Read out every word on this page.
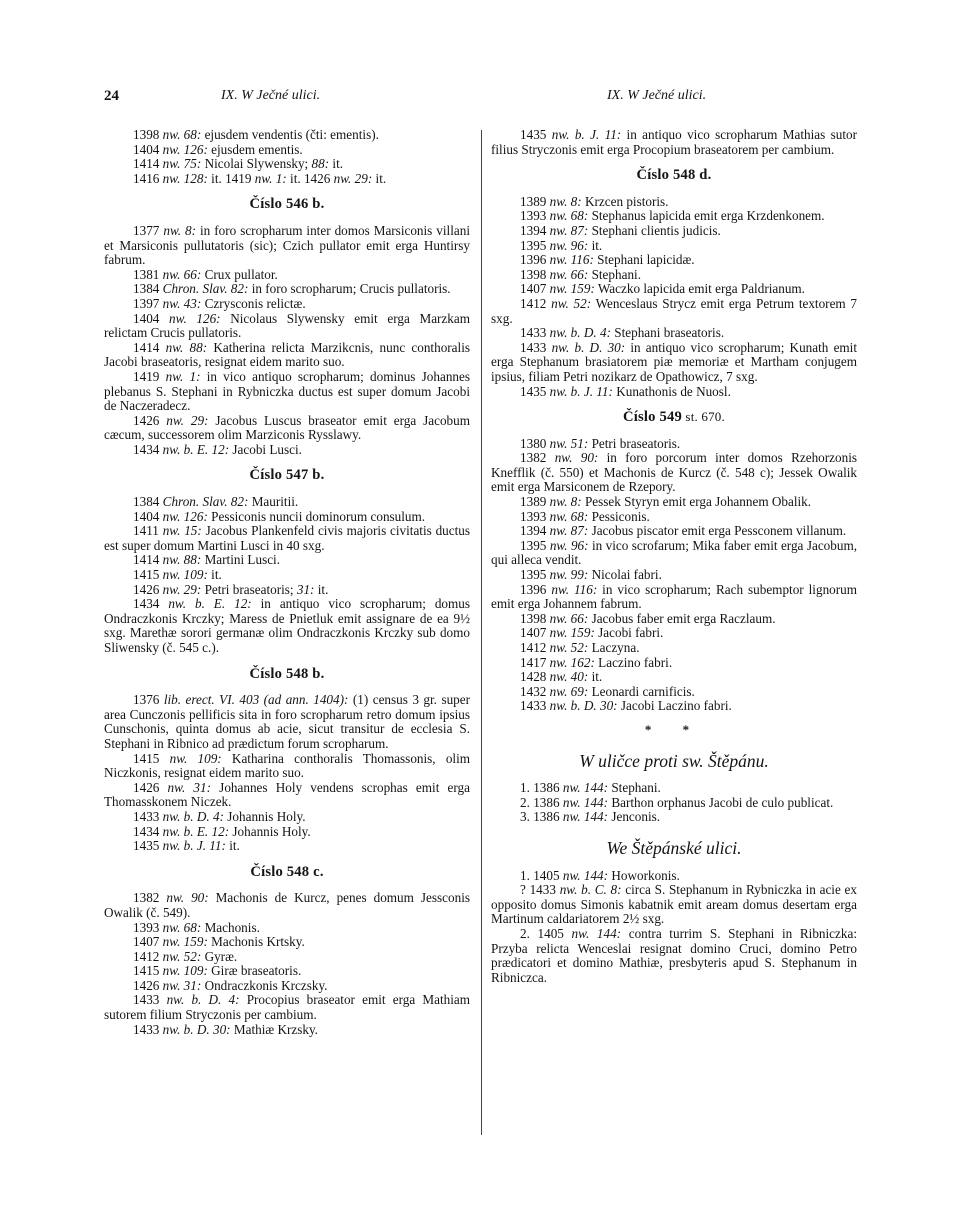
24	IX. W Ječné ulici.	IX. W Ječné ulici.

1398 nw. 68: ejusdem vendentis (čti: ementis).

1404 nw. 126: ejusdem ementis.

1414 nw. 75: Nicolai Slywensky; 88: it.

1416 nw. 128: it. 1419 nw. 1: it. 1426 nw. 29: it.

Číslo 546 b.

1377 nw. 8: in foro scropharum inter domos Marsiconis villani et Marsiconis pullutatoris (sic); Czich pullator emit erga Huntirsy fabrum.

1381 nw. 66: Crux pullator.

1384 Chron. Slav. 82: in foro scropharum; Crucis pullatoris.

1397 nw. 43: Czrysconis relictæ.

1404 nw. 126: Nicolaus Slywensky emit erga Marzkam relictam Crucis pullatoris.

1414 nw. 88: Katherina relicta Marzikcnis, nunc conthoralis Jacobi braseatoris, resignat eidem marito suo.

1419 nw. 1: in vico antiquo scropharum; dominus Johannes plebanus S. Stephani in Rybniczka ductus est super domum Jacobi de Naczeradecz.

1426 nw. 29: Jacobus Luscus braseator emit erga Jacobum cæcum, successorem olim Marziconis Rysslawy.

1434 nw. b. E. 12: Jacobi Lusci.

Číslo 547 b.

1384 Chron. Slav. 82: Mauritii.

1404 nw. 126: Pessiconis nuncii dominorum consulum.

1411 nw. 15: Jacobus Plankenfeld civis majoris civitatis ductus est super domum Martini Lusci in 40 sxg.

1414 nw. 88: Martini Lusci.

1415 nw. 109: it.

1426 nw. 29: Petri braseatoris; 31: it.

1434 nw. b. E. 12: in antiquo vico scropharum; domus Ondraczkonis Krczky; Maress de Pnietluk emit assignare de ea 9½ sxg. Marethæ sorori germanæ olim Ondraczkonis Krczky sub domo Sliwensky (č. 545 c.).

Číslo 548 b.

1376 lib. erect. VI. 403 (ad ann. 1404): (1) census 3 gr. super area Cunczonis pellificis sita in foro scropharum retro domum ipsius Cunschonis, quinta domus ab acie, sicut transitur de ecclesia S. Stephani in Ribnico ad prædictum forum scropharum.

1415 nw. 109: Katharina conthoralis Thomassonis, olim Niczkonis, resignat eidem marito suo.

1426 nw. 31: Johannes Holy vendens scrophas emit erga Thomasskonem Niczek.

1433 nw. b. D. 4: Johannis Holy.

1434 nw. b. E. 12: Johannis Holy.

1435 nw. b. J. 11: it.

Číslo 548 c.

1382 nw. 90: Machonis de Kurcz, penes domum Jessconis Owalik (č. 549).

1393 nw. 68: Machonis.

1407 nw. 159: Machonis Krtsky.

1412 nw. 52: Gyræ.

1415 nw. 109: Giræ braseatoris.

1426 nw. 31: Ondraczkonis Krczsky.

1433 nw. b. D. 4: Procopius braseator emit erga Mathiam sutorem filium Stryczonis per cambium.

1433 nw. b. D. 30: Mathiæ Krzsky.

1435 nw. b. J. 11: in antiquo vico scropharum Mathias sutor filius Stryczonis emit erga Procopium braseatorem per cambium.

Číslo 548 d.

1389 nw. 8: Krzcen pistoris.

1393 nw. 68: Stephanus lapicida emit erga Krzdenkonem.

1394 nw. 87: Stephani clientis judicis.

1395 nw. 96: it.

1396 nw. 116: Stephani lapicidæ.

1398 nw. 66: Stephani.

1407 nw. 159: Waczko lapicida emit erga Paldrianum.

1412 nw. 52: Wenceslaus Strycz emit erga Petrum textorem 7 sxg.

1433 nw. b. D. 4: Stephani braseatoris.

1433 nw. b. D. 30: in antiquo vico scropharum; Kunath emit erga Stephanum brasiatorem piæ memoriæ et Martham conjugem ipsius, filiam Petri nozikarz de Opathowicz, 7 sxg.

1435 nw. b. J. 11: Kunathonis de Nuosl.

Číslo 549 st. 670.

1380 nw. 51: Petri braseatoris.

1382 nw. 90: in foro porcorum inter domos Rzehorzonis Knefflik (č. 550) et Machonis de Kurcz (č. 548 c); Jessek Owalik emit erga Marsiconem de Rzepory.

1389 nw. 8: Pessek Styryn emit erga Johannem Obalik.

1393 nw. 68: Pessiconis.

1394 nw. 87: Jacobus piscator emit erga Pessconem villanum.

1395 nw. 96: in vico scrofarum; Mika faber emit erga Jacobum, qui alleca vendit.

1395 nw. 99: Nicolai fabri.

1396 nw. 116: in vico scropharum; Rach subemptor lignorum emit erga Johannem fabrum.

1398 nw. 66: Jacobus faber emit erga Raczlaum.

1407 nw. 159: Jacobi fabri.

1412 nw. 52: Laczyna.

1417 nw. 162: Laczino fabri.

1428 nw. 40: it.

1432 nw. 69: Leonardi carnificis.

1433 nw. b. D. 30: Jacobi Laczino fabri.

* *
W uličce proti sw. Štěpánu.

1. 1386 nw. 144: Stephani.

2. 1386 nw. 144: Barthon orphanus Jacobi de culo publicat.

3. 1386 nw. 144: Jenconis.

We Štěpánské ulici.

1. 1405 nw. 144: Howorkonis.

? 1433 nw. b. C. 8: circa S. Stephanum in Rybniczka in acie ex opposito domus Simonis kabatnik emit aream domus desertam erga Martinum caldariatorem 2½ sxg.

2. 1405 nw. 144: contra turrim S. Stephani in Ribniczka: Przyba relicta Wenceslai resignat domino Cruci, domino Petro prædicatori et domino Mathiæ, presbyteris apud S. Stephanum in Ribniczca.
